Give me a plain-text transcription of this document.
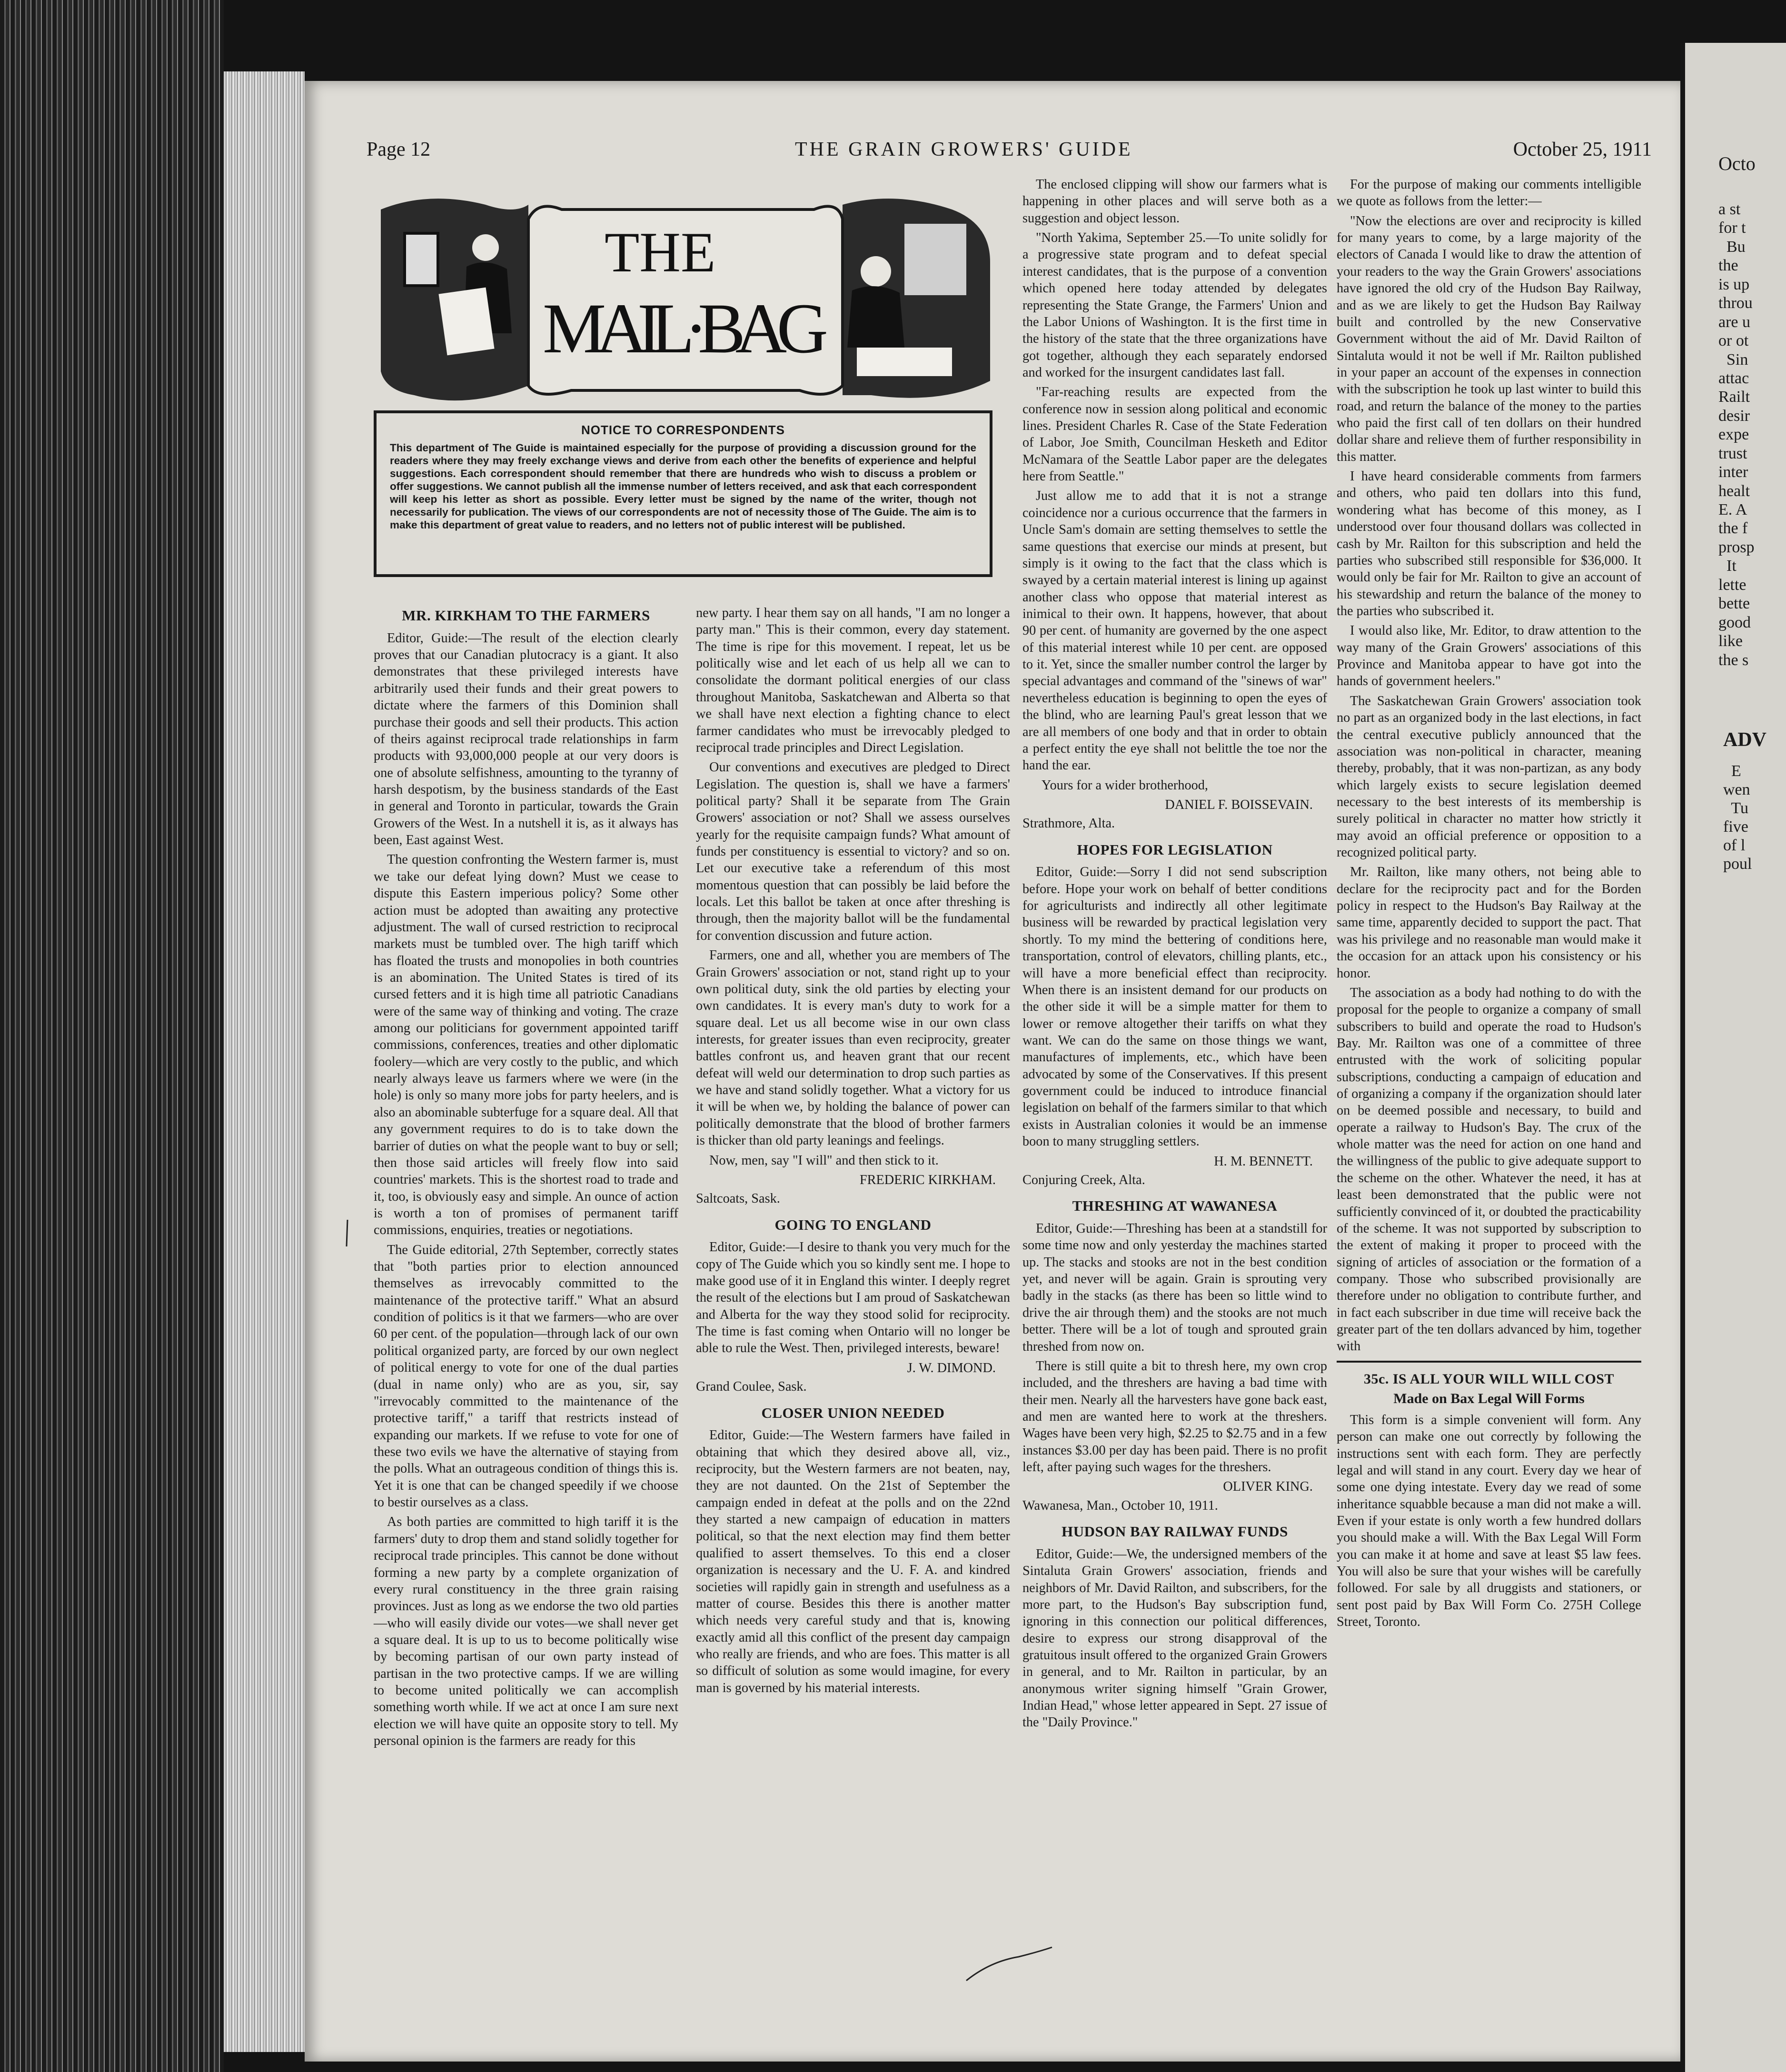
Octo
a st
for t
Bu
the
is up
throu
are u
or ot
Sin
attac
Railt
desir
expe
trust
inter
healt
E. A
the f
prosp
It
lette
bette
good
like
the s
ADV
E
wen
Tu
five
of l
poul
Page 12	THE GRAIN GROWERS' GUIDE	October 25, 1911
THE
MAIL·BAG
NOTICE TO CORRESPONDENTS

This department of The Guide is maintained especially for the purpose of providing a discussion ground for the readers where they may freely exchange views and derive from each other the benefits of experience and helpful suggestions. Each correspondent should remember that there are hundreds who wish to discuss a problem or offer suggestions. We cannot publish all the immense number of letters received, and ask that each correspondent will keep his letter as short as possible. Every letter must be signed by the name of the writer, though not necessarily for publication. The views of our correspondents are not of necessity those of The Guide. The aim is to make this department of great value to readers, and no letters not of public interest will be published.

MR. KIRKHAM TO THE FARMERS

Editor, Guide:—The result of the election clearly proves that our Canadian plutocracy is a giant. It also demonstrates that these privileged interests have arbitrarily used their funds and their great powers to dictate where the farmers of this Dominion shall purchase their goods and sell their products. This action of theirs against reciprocal trade relationships in farm products with 93,000,000 people at our very doors is one of absolute selfishness, amounting to the tyranny of harsh despotism, by the business standards of the East in general and Toronto in particular, towards the Grain Growers of the West. In a nutshell it is, as it always has been, East against West.

The question confronting the Western farmer is, must we take our defeat lying down? Must we cease to dispute this Eastern imperious policy? Some other action must be adopted than awaiting any protective adjustment. The wall of cursed restriction to reciprocal markets must be tumbled over. The high tariff which has floated the trusts and monopolies in both countries is an abomination. The United States is tired of its cursed fetters and it is high time all patriotic Canadians were of the same way of thinking and voting. The craze among our politicians for government appointed tariff commissions, conferences, treaties and other diplomatic foolery—which are very costly to the public, and which nearly always leave us farmers where we were (in the hole) is only so many more jobs for party heelers, and is also an abominable subterfuge for a square deal. All that any government requires to do is to take down the barrier of duties on what the people want to buy or sell; then those said articles will freely flow into said countries' markets. This is the shortest road to trade and it, too, is obviously easy and simple. An ounce of action is worth a ton of promises of permanent tariff commissions, enquiries, treaties or negotiations.

The Guide editorial, 27th September, correctly states that "both parties prior to election announced themselves as irrevocably committed to the maintenance of the protective tariff." What an absurd condition of politics is it that we farmers—who are over 60 per cent. of the population—through lack of our own political organized party, are forced by our own neglect of political energy to vote for one of the dual parties (dual in name only) who are as you, sir, say "irrevocably committed to the maintenance of the protective tariff," a tariff that restricts instead of expanding our markets. If we refuse to vote for one of these two evils we have the alternative of staying from the polls. What an outrageous condition of things this is. Yet it is one that can be changed speedily if we choose to bestir ourselves as a class.

As both parties are committed to high tariff it is the farmers' duty to drop them and stand solidly together for reciprocal trade principles. This cannot be done without forming a new party by a complete organization of every rural constituency in the three grain raising provinces. Just as long as we endorse the two old parties—who will easily divide our votes—we shall never get a square deal. It is up to us to become politically wise by becoming partisan of our own party instead of partisan in the two protective camps. If we are willing to become united politically we can accomplish something worth while. If we act at once I am sure next election we will have quite an opposite story to tell. My personal opinion is the farmers are ready for this

new party. I hear them say on all hands, "I am no longer a party man." This is their common, every day statement. The time is ripe for this movement. I repeat, let us be politically wise and let each of us help all we can to consolidate the dormant political energies of our class throughout Manitoba, Saskatchewan and Alberta so that we shall have next election a fighting chance to elect farmer candidates who must be irrevocably pledged to reciprocal trade principles and Direct Legislation.

Our conventions and executives are pledged to Direct Legislation. The question is, shall we have a farmers' political party? Shall it be separate from The Grain Growers' association or not? Shall we assess ourselves yearly for the requisite campaign funds? What amount of funds per constituency is essential to victory? and so on. Let our executive take a referendum of this most momentous question that can possibly be laid before the locals. Let this ballot be taken at once after threshing is through, then the majority ballot will be the fundamental for convention discussion and future action.

Farmers, one and all, whether you are members of The Grain Growers' association or not, stand right up to your own political duty, sink the old parties by electing your own candidates. It is every man's duty to work for a square deal. Let us all become wise in our own class interests, for greater issues than even reciprocity, greater battles confront us, and heaven grant that our recent defeat will weld our determination to drop such parties as we have and stand solidly together. What a victory for us it will be when we, by holding the balance of power can politically demonstrate that the blood of brother farmers is thicker than old party leanings and feelings.

Now, men, say "I will" and then stick to it.

FREDERIC KIRKHAM.

Saltcoats, Sask.

GOING TO ENGLAND

Editor, Guide:—I desire to thank you very much for the copy of The Guide which you so kindly sent me. I hope to make good use of it in England this winter. I deeply regret the result of the elections but I am proud of Saskatchewan and Alberta for the way they stood solid for reciprocity. The time is fast coming when Ontario will no longer be able to rule the West. Then, privileged interests, beware!

J. W. DIMOND.

Grand Coulee, Sask.

CLOSER UNION NEEDED

Editor, Guide:—The Western farmers have failed in obtaining that which they desired above all, viz., reciprocity, but the Western farmers are not beaten, nay, they are not daunted. On the 21st of September the campaign ended in defeat at the polls and on the 22nd they started a new campaign of education in matters political, so that the next election may find them better qualified to assert themselves. To this end a closer organization is necessary and the U. F. A. and kindred societies will rapidly gain in strength and usefulness as a matter of course. Besides this there is another matter which needs very careful study and that is, knowing exactly amid all this conflict of the present day campaign who really are friends, and who are foes. This matter is all so difficult of solution as some would imagine, for every man is governed by his material interests.

The enclosed clipping will show our farmers what is happening in other places and will serve both as a suggestion and object lesson.

"North Yakima, September 25.—To unite solidly for a progressive state program and to defeat special interest candidates, that is the purpose of a convention which opened here today attended by delegates representing the State Grange, the Farmers' Union and the Labor Unions of Washington. It is the first time in the history of the state that the three organizations have got together, although they each separately endorsed and worked for the insurgent candidates last fall.

"Far-reaching results are expected from the conference now in session along political and economic lines. President Charles R. Case of the State Federation of Labor, Joe Smith, Councilman Hesketh and Editor McNamara of the Seattle Labor paper are the delegates here from Seattle."

Just allow me to add that it is not a strange coincidence nor a curious occurrence that the farmers in Uncle Sam's domain are setting themselves to settle the same questions that exercise our minds at present, but simply is it owing to the fact that the class which is swayed by a certain material interest is lining up against another class who oppose that material interest as inimical to their own. It happens, however, that about 90 per cent. of humanity are governed by the one aspect of this material interest while 10 per cent. are opposed to it. Yet, since the smaller number control the larger by special advantages and command of the "sinews of war" nevertheless education is beginning to open the eyes of the blind, who are learning Paul's great lesson that we are all members of one body and that in order to obtain a perfect entity the eye shall not belittle the toe nor the hand the ear.

Yours for a wider brotherhood,

DANIEL F. BOISSEVAIN.

Strathmore, Alta.

HOPES FOR LEGISLATION

Editor, Guide:—Sorry I did not send subscription before. Hope your work on behalf of better conditions for agriculturists and indirectly all other legitimate business will be rewarded by practical legislation very shortly. To my mind the bettering of conditions here, transportation, control of elevators, chilling plants, etc., will have a more beneficial effect than reciprocity. When there is an insistent demand for our products on the other side it will be a simple matter for them to lower or remove altogether their tariffs on what they want. We can do the same on those things we want, manufactures of implements, etc., which have been advocated by some of the Conservatives. If this present government could be induced to introduce financial legislation on behalf of the farmers similar to that which exists in Australian colonies it would be an immense boon to many struggling settlers.

H. M. BENNETT.

Conjuring Creek, Alta.

THRESHING AT WAWANESA

Editor, Guide:—Threshing has been at a standstill for some time now and only yesterday the machines started up. The stacks and stooks are not in the best condition yet, and never will be again. Grain is sprouting very badly in the stacks (as there has been so little wind to drive the air through them) and the stooks are not much better. There will be a lot of tough and sprouted grain threshed from now on.

There is still quite a bit to thresh here, my own crop included, and the threshers are having a bad time with their men. Nearly all the harvesters have gone back east, and men are wanted here to work at the threshers. Wages have been very high, $2.25 to $2.75 and in a few instances $3.00 per day has been paid. There is no profit left, after paying such wages for the threshers.

OLIVER KING.

Wawanesa, Man., October 10, 1911.

HUDSON BAY RAILWAY FUNDS

Editor, Guide:—We, the undersigned members of the Sintaluta Grain Growers' association, friends and neighbors of Mr. David Railton, and subscribers, for the more part, to the Hudson's Bay subscription fund, ignoring in this connection our political differences, desire to express our strong disapproval of the gratuitous insult offered to the organized Grain Growers in general, and to Mr. Railton in particular, by an anonymous writer signing himself "Grain Grower, Indian Head," whose letter appeared in Sept. 27 issue of the "Daily Province."

For the purpose of making our comments intelligible we quote as follows from the letter:—

"Now the elections are over and reciprocity is killed for many years to come, by a large majority of the electors of Canada I would like to draw the attention of your readers to the way the Grain Growers' associations have ignored the old cry of the Hudson Bay Railway, and as we are likely to get the Hudson Bay Railway built and controlled by the new Conservative Government without the aid of Mr. David Railton of Sintaluta would it not be well if Mr. Railton published in your paper an account of the expenses in connection with the subscription he took up last winter to build this road, and return the balance of the money to the parties who paid the first call of ten dollars on their hundred dollar share and relieve them of further responsibility in this matter.

I have heard considerable comments from farmers and others, who paid ten dollars into this fund, wondering what has become of this money, as I understood over four thousand dollars was collected in cash by Mr. Railton for this subscription and held the parties who subscribed still responsible for $36,000. It would only be fair for Mr. Railton to give an account of his stewardship and return the balance of the money to the parties who subscribed it.

I would also like, Mr. Editor, to draw attention to the way many of the Grain Growers' associations of this Province and Manitoba appear to have got into the hands of government heelers."

The Saskatchewan Grain Growers' association took no part as an organized body in the last elections, in fact the central executive publicly announced that the association was non-political in character, meaning thereby, probably, that it was non-partizan, as any body which largely exists to secure legislation deemed necessary to the best interests of its membership is surely political in character no matter how strictly it may avoid an official preference or opposition to a recognized political party.

Mr. Railton, like many others, not being able to declare for the reciprocity pact and for the Borden policy in respect to the Hudson's Bay Railway at the same time, apparently decided to support the pact. That was his privilege and no reasonable man would make it the occasion for an attack upon his consistency or his honor.

The association as a body had nothing to do with the proposal for the people to organize a company of small subscribers to build and operate the road to Hudson's Bay. Mr. Railton was one of a committee of three entrusted with the work of soliciting popular subscriptions, conducting a campaign of education and of organizing a company if the organization should later on be deemed possible and necessary, to build and operate a railway to Hudson's Bay. The crux of the whole matter was the need for action on one hand and the willingness of the public to give adequate support to the scheme on the other. Whatever the need, it has at least been demonstrated that the public were not sufficiently convinced of it, or doubted the practicability of the scheme. It was not supported by subscription to the extent of making it proper to proceed with the signing of articles of association or the formation of a company. Those who subscribed provisionally are therefore under no obligation to contribute further, and in fact each subscriber in due time will receive back the greater part of the ten dollars advanced by him, together with

35c. IS ALL YOUR WILL WILL COST

Made on Bax Legal Will Forms

This form is a simple convenient will form. Any person can make one out correctly by following the instructions sent with each form. They are perfectly legal and will stand in any court. Every day we hear of some one dying intestate. Every day we read of some inheritance squabble because a man did not make a will. Even if your estate is only worth a few hundred dollars you should make a will. With the Bax Legal Will Form you can make it at home and save at least $5 law fees. You will also be sure that your wishes will be carefully followed. For sale by all druggists and stationers, or sent post paid by Bax Will Form Co. 275H College Street, Toronto.
